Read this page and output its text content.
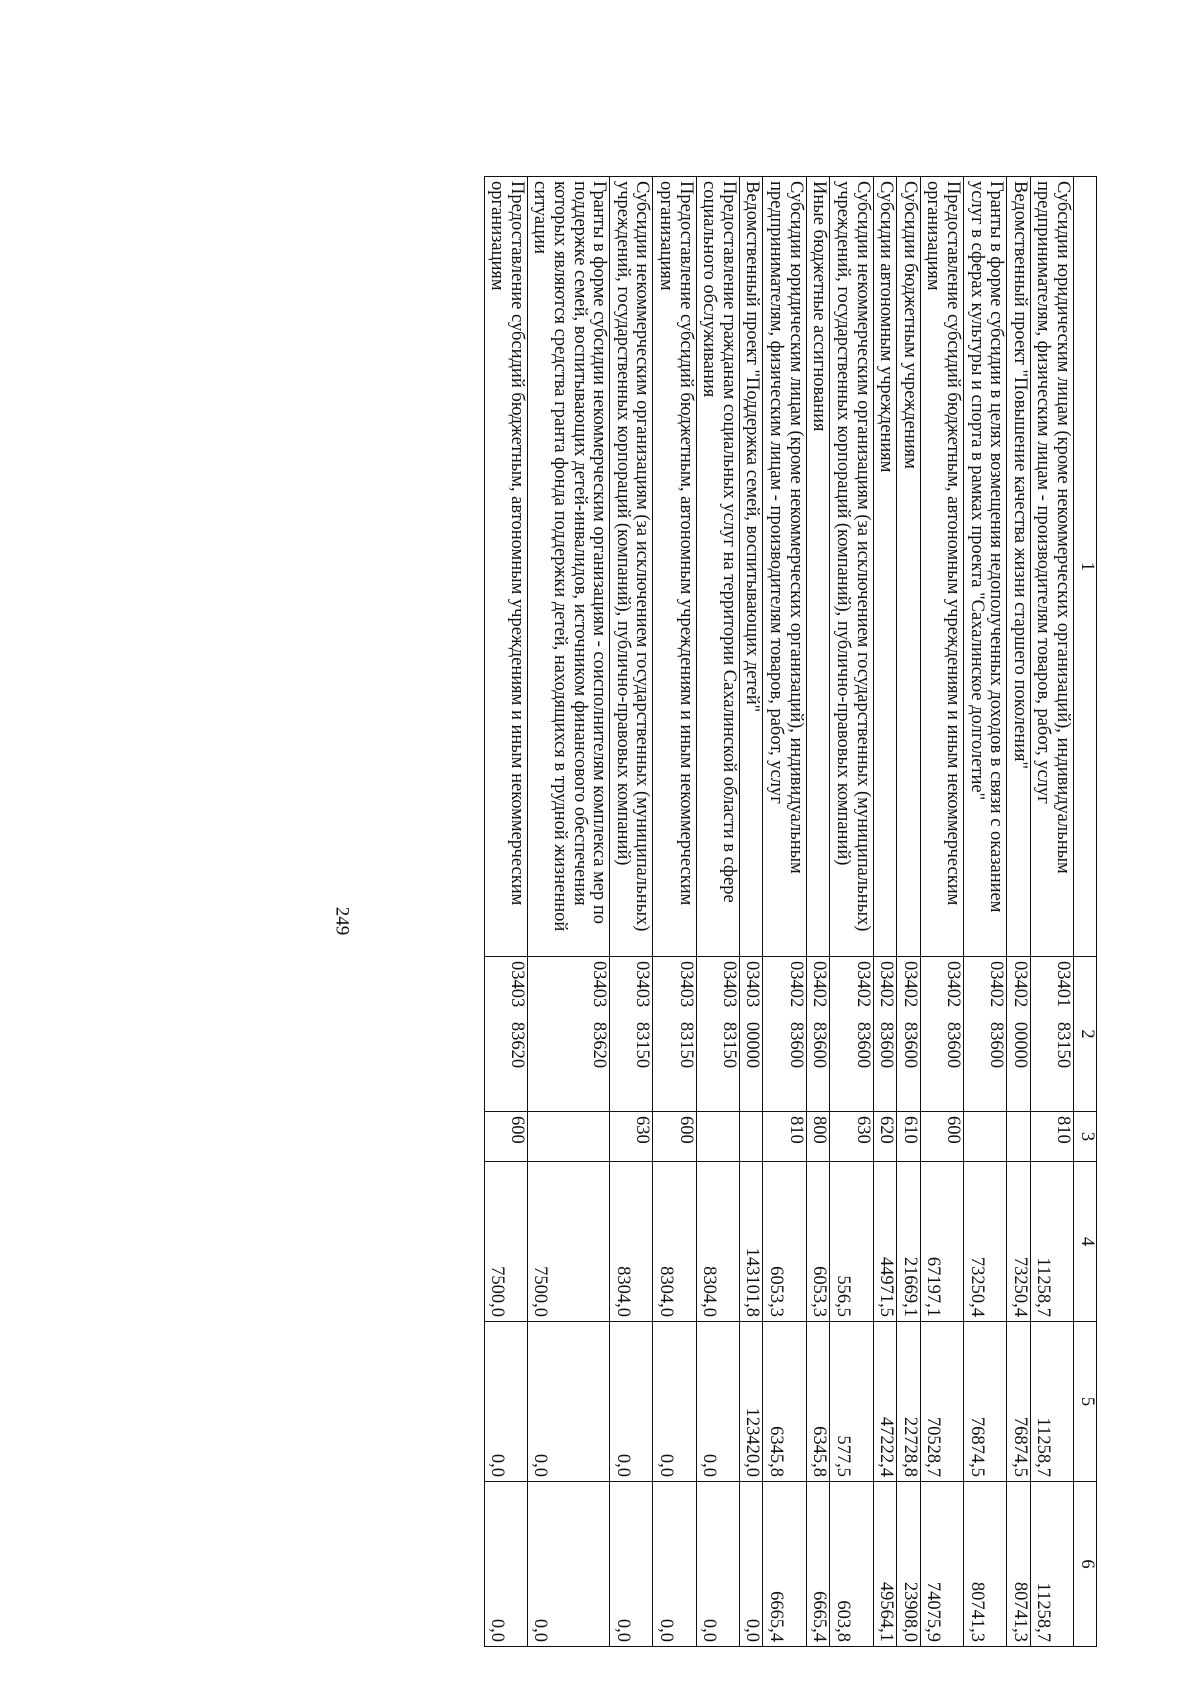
249
1	2	3	4	5	6
Субсидии юридическим лицам (кроме некоммерческих организаций), индивидуальным предпринимателям, физическим лицам - производителям товаров, работ, услуг	03401 83150	810	11258,7	11258,7	11258,7
Ведомственный проект "Повышение качества жизни старшего поколения"	03402 00000		73250,4	76874,5	80741,3
Гранты в форме субсидии в целях возмещения недополученных доходов в связи с оказанием услуг в сферах культуры и спорта в рамках проекта "Сахалинское долголетие"	03402 83600		73250,4	76874,5	80741,3
Предоставление субсидий бюджетным, автономным учреждениям и иным некоммерческим организациям	03402 83600	600	67197,1	70528,7	74075,9
Субсидии бюджетным учреждениям	03402 83600	610	21669,1	22728,8	23908,0
Субсидии автономным учреждениям	03402 83600	620	44971,5	47222,4	49564,1
Субсидии некоммерческим организациям (за исключением государственных (муниципальных) учреждений, государственных корпораций (компаний), публично-правовых компаний)	03402 83600	630	556,5	577,5	603,8
Иные бюджетные ассигнования	03402 83600	800	6053,3	6345,8	6665,4
Субсидии юридическим лицам (кроме некоммерческих организаций), индивидуальным предпринимателям, физическим лицам - производителям товаров, работ, услуг	03402 83600	810	6053,3	6345,8	6665,4
Ведомственный проект "Поддержка семей, воспитывающих детей"	03403 00000		143101,8	123420,0	0,0
Предоставление гражданам социальных услуг на территории Сахалинской области в сфере социального обслуживания	03403 83150		8304,0	0,0	0,0
Предоставление субсидий бюджетным, автономным учреждениям и иным некоммерческим организациям	03403 83150	600	8304,0	0,0	0,0
Субсидии некоммерческим организациям (за исключением государственных (муниципальных) учреждений, государственных корпораций (компаний), публично-правовых компаний)	03403 83150	630	8304,0	0,0	0,0
Гранты в форме субсидии некоммерческим организациям - соисполнителям комплекса мер по поддержке семей, воспитывающих детей-инвалидов, источником финансового обеспечения которых являются средства гранта фонда поддержки детей, находящихся в трудной жизненной ситуации	03403 83620		7500,0	0,0	0,0
Предоставление субсидий бюджетным, автономным учреждениям и иным некоммерческим организациям	03403 83620	600	7500,0	0,0	0,0
